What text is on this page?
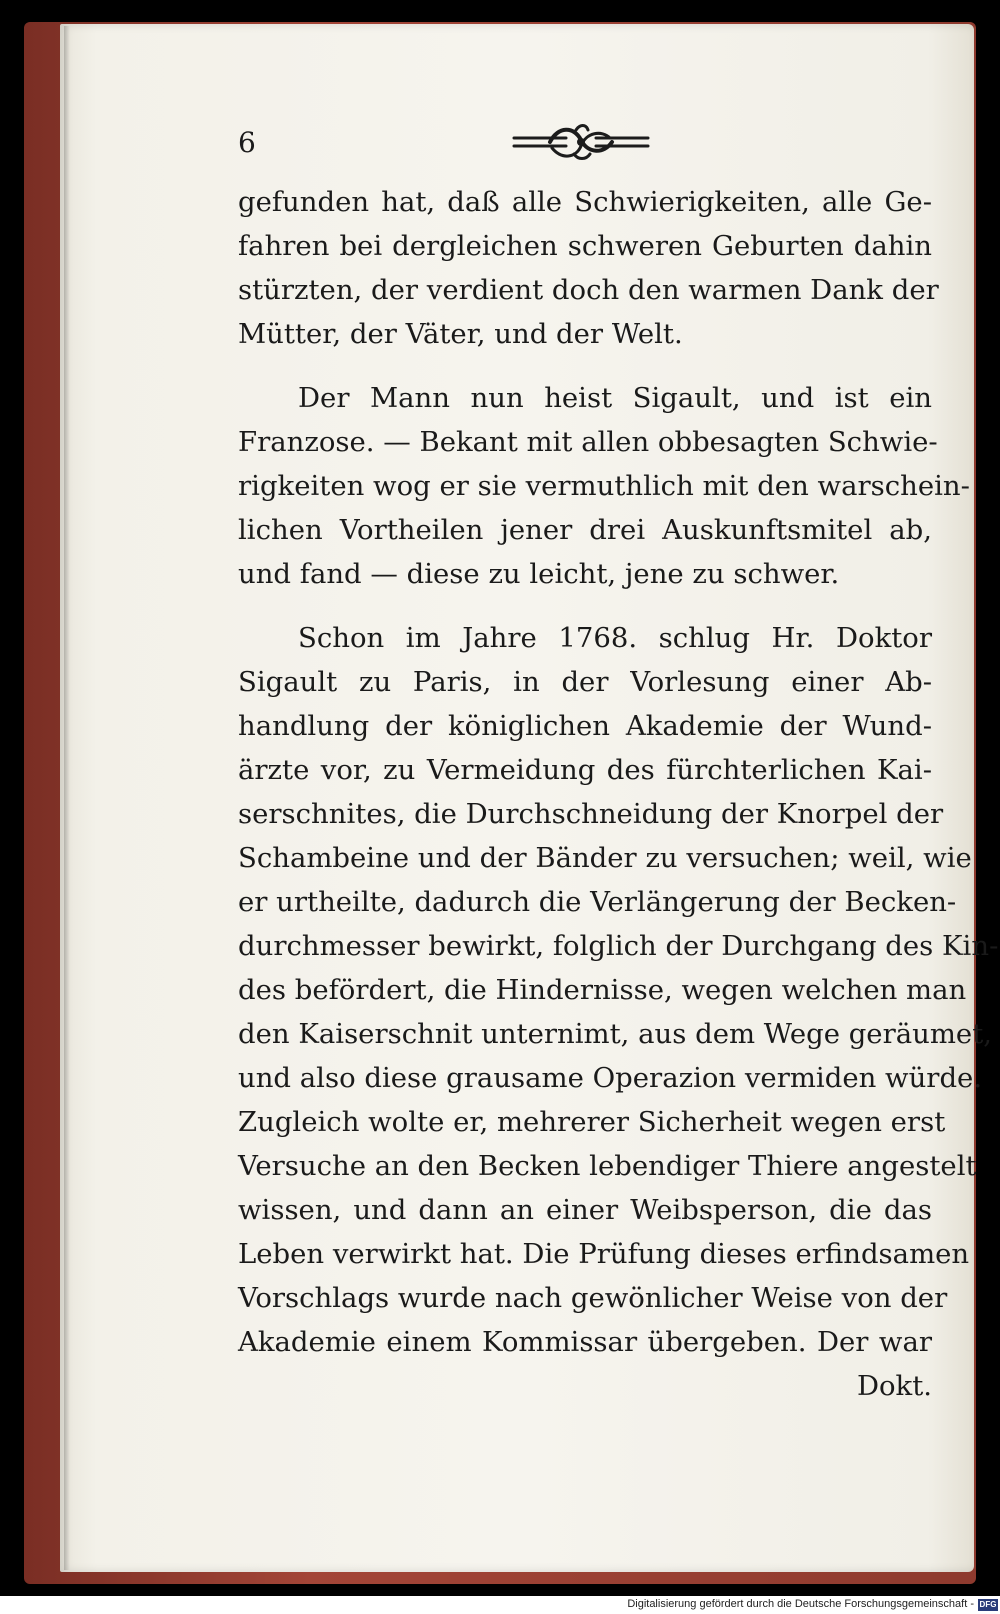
6
gefunden hat, daß alle Schwierigkeiten, alle Ge-
fahren bei dergleichen schweren Geburten dahin
stürzten, der verdient doch den warmen Dank der
Mütter, der Väter, und der Welt.
Der Mann nun heist Sigault, und ist ein
Franzose. — Bekant mit allen obbesagten Schwie-
rigkeiten wog er sie vermuthlich mit den warschein-
lichen Vortheilen jener drei Auskunftsmitel ab,
und fand — diese zu leicht, jene zu schwer.
Schon im Jahre 1768. schlug Hr. Doktor
Sigault zu Paris, in der Vorlesung einer Ab-
handlung der königlichen Akademie der Wund-
ärzte vor, zu Vermeidung des fürchterlichen Kai-
serschnites, die Durchschneidung der Knorpel der
Schambeine und der Bänder zu versuchen; weil, wie
er urtheilte, dadurch die Verlängerung der Becken-
durchmesser bewirkt, folglich der Durchgang des Kin-
des befördert, die Hindernisse, wegen welchen man
den Kaiserschnit unternimt, aus dem Wege geräumet,
und also diese grausame Operazion vermiden würde.
Zugleich wolte er, mehrerer Sicherheit wegen erst
Versuche an den Becken lebendiger Thiere angestelt
wissen, und dann an einer Weibsperson, die das
Leben verwirkt hat. Die Prüfung dieses erfindsamen
Vorschlags wurde nach gewönlicher Weise von der
Akademie einem Kommissar übergeben. Der war
Dokt.
Digitalisierung gefördert durch die Deutsche Forschungsgemeinschaft - DFG
